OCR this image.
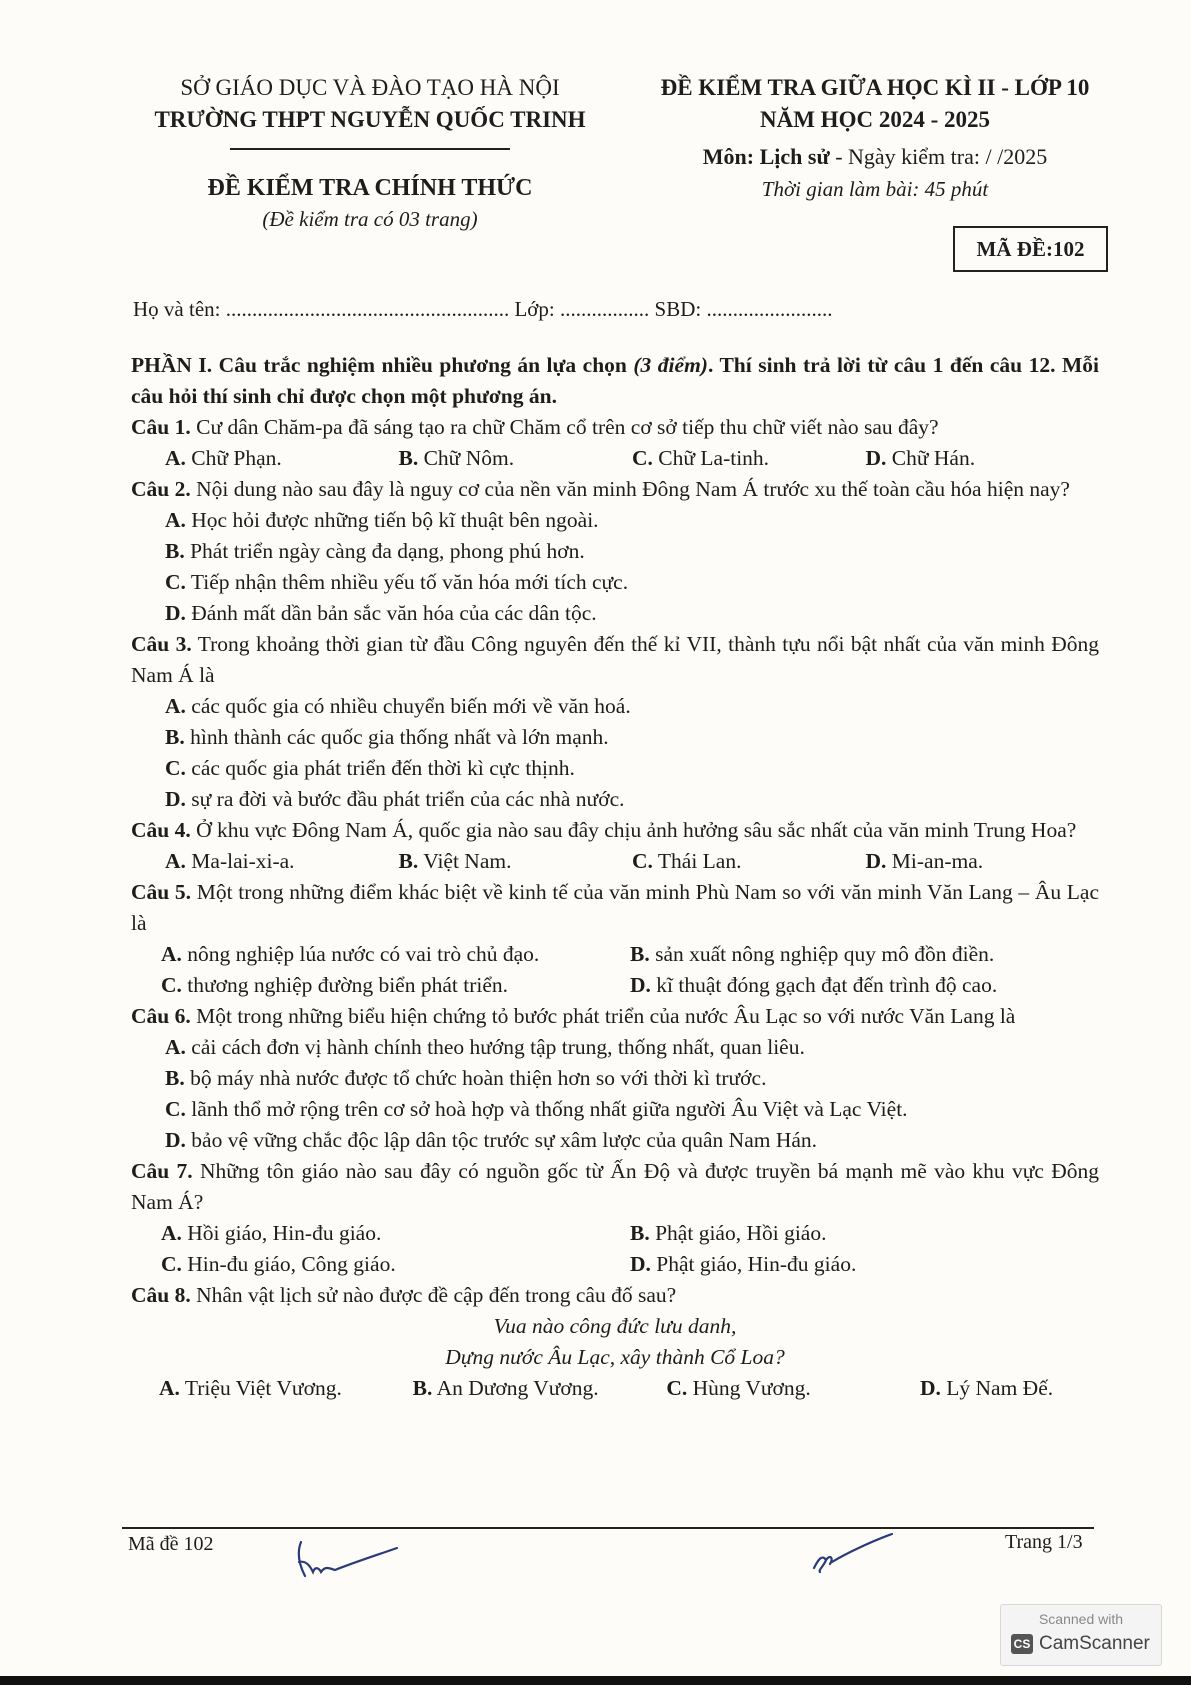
SỞ GIÁO DỤC VÀ ĐÀO TẠO HÀ NỘI
TRƯỜNG THPT NGUYỄN QUỐC TRINH
ĐỀ KIỂM TRA CHÍNH THỨC
(Đề kiểm tra có 03 trang)
ĐỀ KIỂM TRA GIỮA HỌC KÌ II - LỚP 10
NĂM HỌC 2024 - 2025
Môn: Lịch sử - Ngày kiểm tra: / /2025
Thời gian làm bài: 45 phút
MÃ ĐỀ:102
Họ và tên: ...................................................... Lớp: ................. SBD: ........................
PHẦN I. Câu trắc nghiệm nhiều phương án lựa chọn (3 điểm). Thí sinh trả lời từ câu 1 đến câu 12. Mỗi câu hỏi thí sinh chỉ được chọn một phương án.
Câu 1. Cư dân Chăm-pa đã sáng tạo ra chữ Chăm cổ trên cơ sở tiếp thu chữ viết nào sau đây?
A. Chữ Phạn.	B. Chữ Nôm.	C. Chữ La-tinh.	D. Chữ Hán.
Câu 2. Nội dung nào sau đây là nguy cơ của nền văn minh Đông Nam Á trước xu thế toàn cầu hóa hiện nay?
A. Học hỏi được những tiến bộ kĩ thuật bên ngoài.
B. Phát triển ngày càng đa dạng, phong phú hơn.
C. Tiếp nhận thêm nhiều yếu tố văn hóa mới tích cực.
D. Đánh mất dần bản sắc văn hóa của các dân tộc.
Câu 3. Trong khoảng thời gian từ đầu Công nguyên đến thế kỉ VII, thành tựu nổi bật nhất của văn minh Đông Nam Á là
A. các quốc gia có nhiều chuyển biến mới về văn hoá.
B. hình thành các quốc gia thống nhất và lớn mạnh.
C. các quốc gia phát triển đến thời kì cực thịnh.
D. sự ra đời và bước đầu phát triển của các nhà nước.
Câu 4. Ở khu vực Đông Nam Á, quốc gia nào sau đây chịu ảnh hưởng sâu sắc nhất của văn minh Trung Hoa?
A. Ma-lai-xi-a.	B. Việt Nam.	C. Thái Lan.	D. Mi-an-ma.
Câu 5. Một trong những điểm khác biệt về kinh tế của văn minh Phù Nam so với văn minh Văn Lang – Âu Lạc là
A. nông nghiệp lúa nước có vai trò chủ đạo.	B. sản xuất nông nghiệp quy mô đồn điền.
C. thương nghiệp đường biển phát triển.	D. kĩ thuật đóng gạch đạt đến trình độ cao.
Câu 6. Một trong những biểu hiện chứng tỏ bước phát triển của nước Âu Lạc so với nước Văn Lang là
A. cải cách đơn vị hành chính theo hướng tập trung, thống nhất, quan liêu.
B. bộ máy nhà nước được tổ chức hoàn thiện hơn so với thời kì trước.
C. lãnh thổ mở rộng trên cơ sở hoà hợp và thống nhất giữa người Âu Việt và Lạc Việt.
D. bảo vệ vững chắc độc lập dân tộc trước sự xâm lược của quân Nam Hán.
Câu 7. Những tôn giáo nào sau đây có nguồn gốc từ Ấn Độ và được truyền bá mạnh mẽ vào khu vực Đông Nam Á?
A. Hồi giáo, Hin-đu giáo.	B. Phật giáo, Hồi giáo.
C. Hin-đu giáo, Công giáo.	D. Phật giáo, Hin-đu giáo.
Câu 8. Nhân vật lịch sử nào được đề cập đến trong câu đố sau?
Vua nào công đức lưu danh,
Dựng nước Âu Lạc, xây thành Cổ Loa?
A. Triệu Việt Vương.	B. An Dương Vương.	C. Hùng Vương.	D. Lý Nam Đế.
Mã đề 102	Trang 1/3
Scanned with
CS CamScanner
